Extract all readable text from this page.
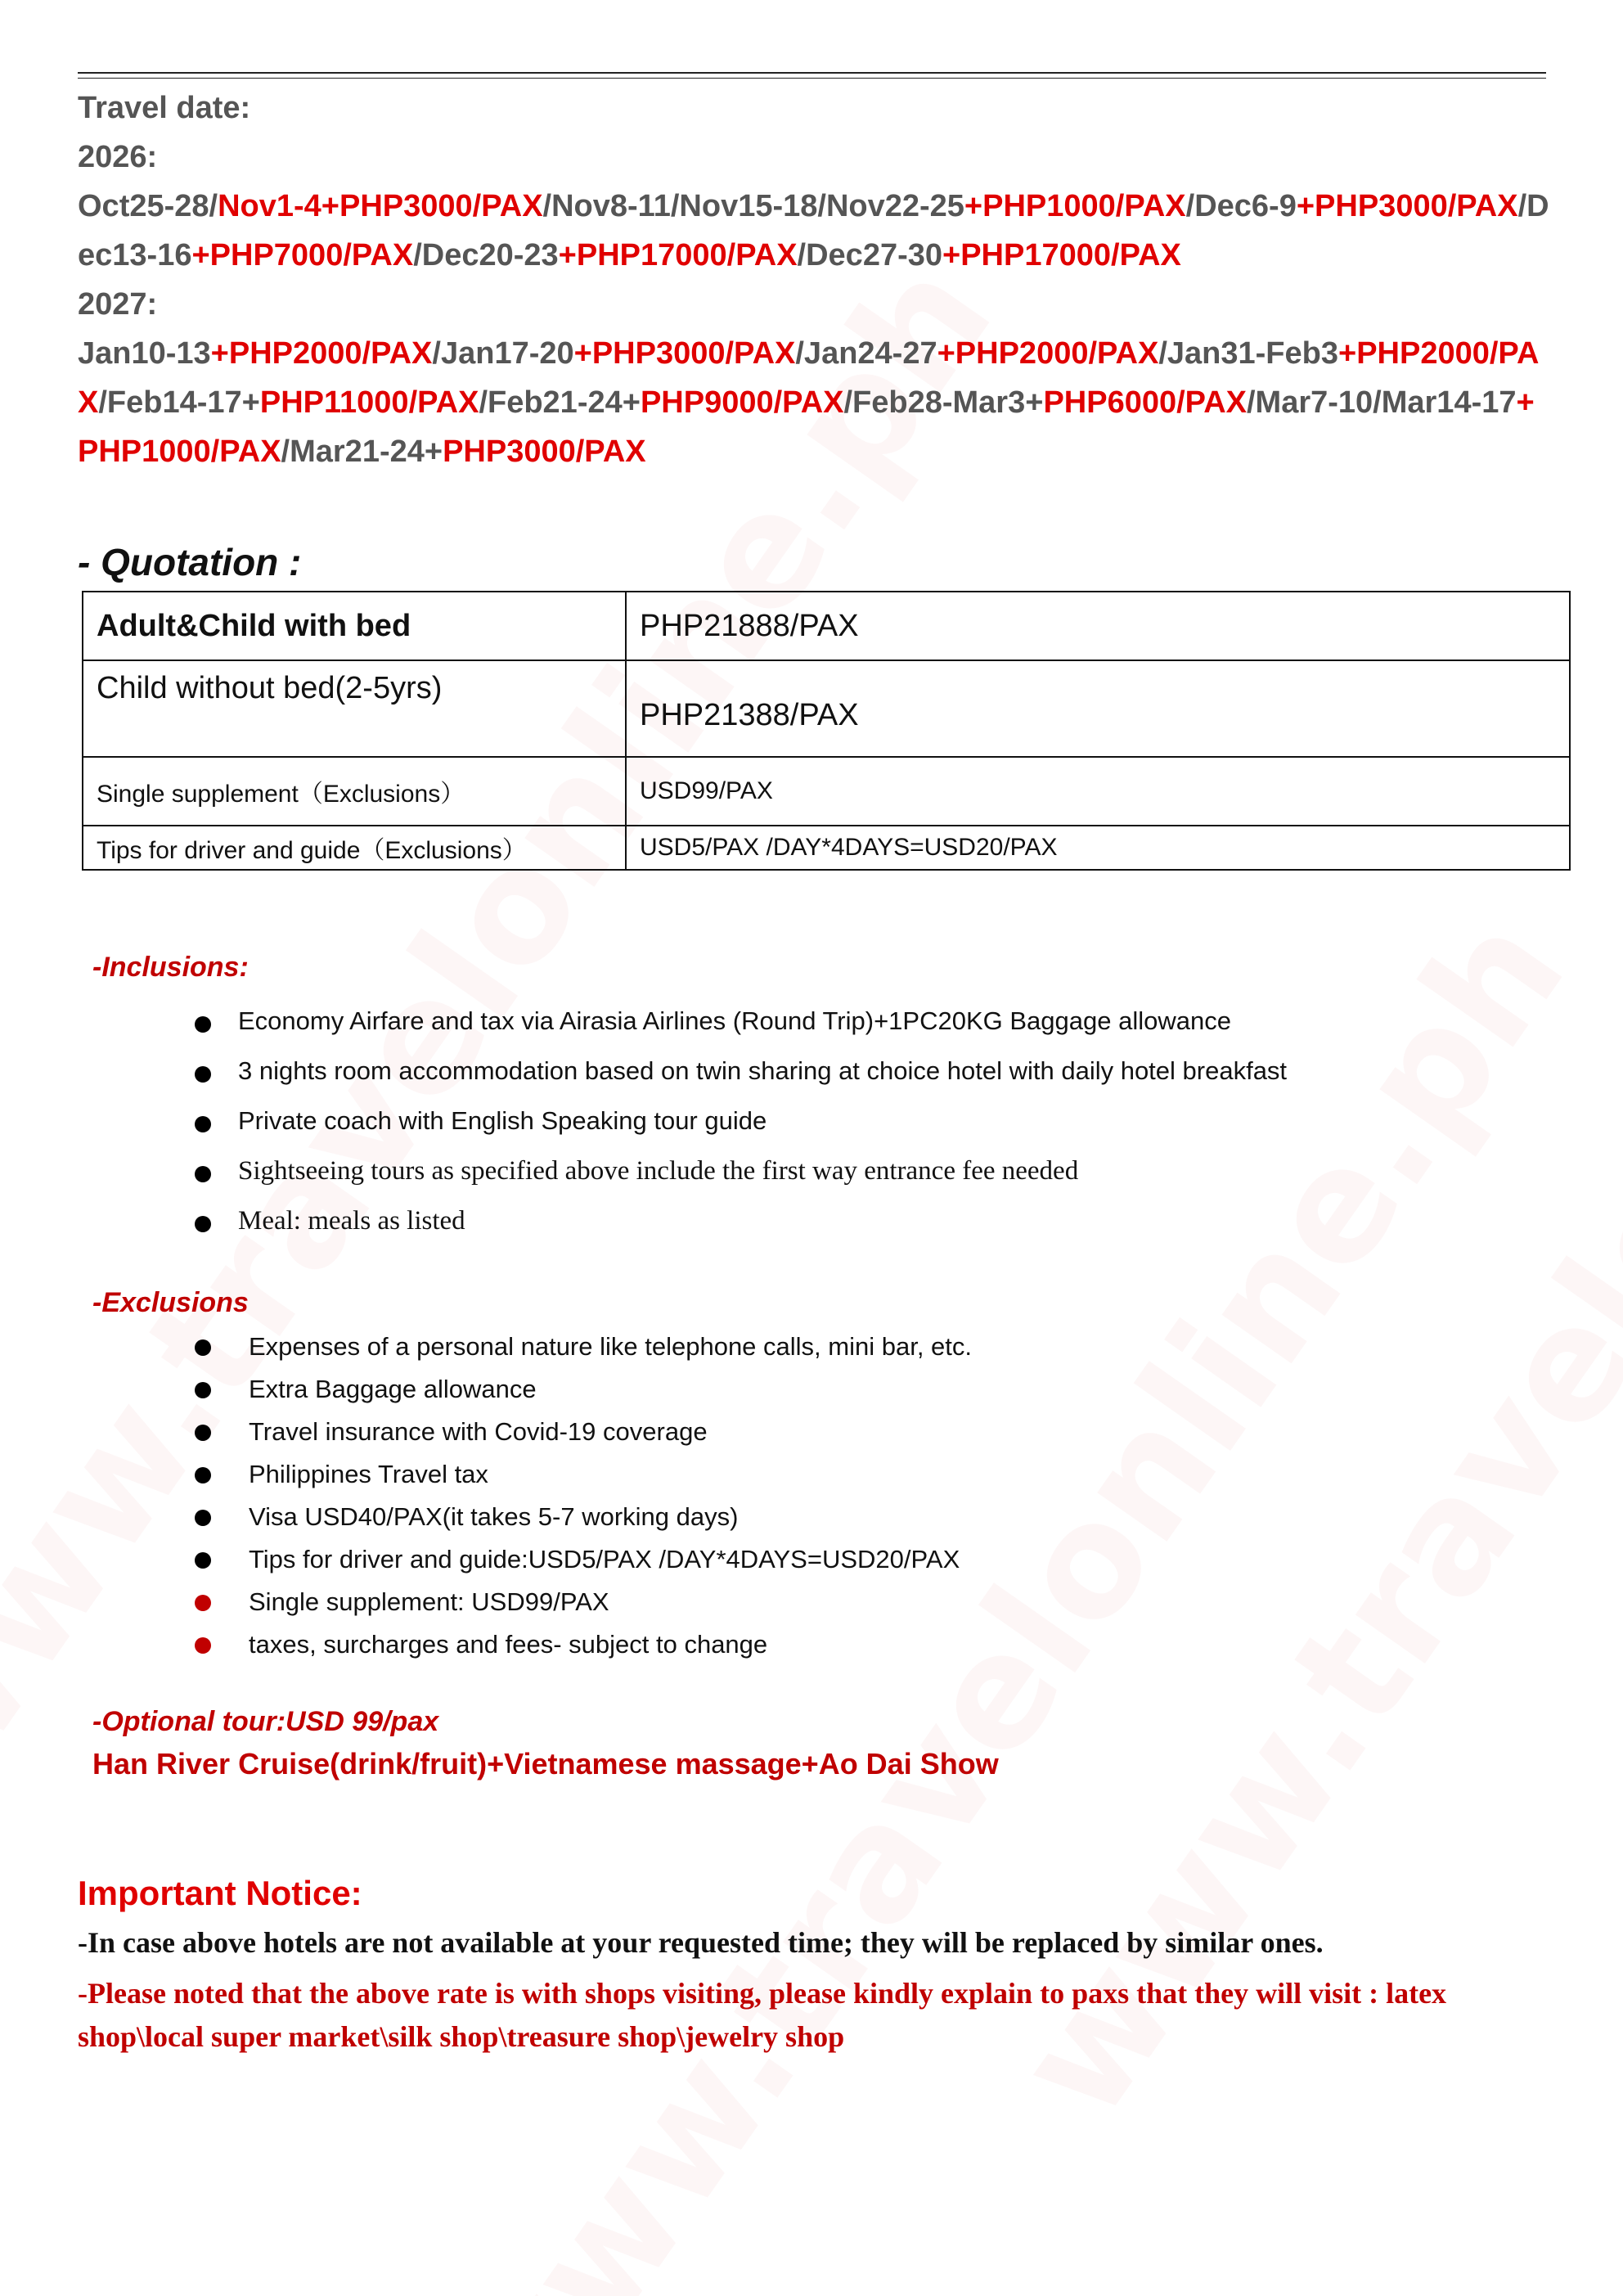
Travel date:
2026:
Oct25-28/Nov1-4+PHP3000/PAX/Nov8-11/Nov15-18/Nov22-25+PHP1000/PAX/Dec6-9+PHP3000/PAX/Dec13-16+PHP7000/PAX/Dec20-23+PHP17000/PAX/Dec27-30+PHP17000/PAX
2027:
Jan10-13+PHP2000/PAX/Jan17-20+PHP3000/PAX/Jan24-27+PHP2000/PAX/Jan31-Feb3+PHP2000/PAX/Feb14-17+PHP11000/PAX/Feb21-24+PHP9000/PAX/Feb28-Mar3+PHP6000/PAX/Mar7-10/Mar14-17+PHP1000/PAX/Mar21-24+PHP3000/PAX
- Quotation :
Adult&Child with bed	PHP21888/PAX
Child without bed(2-5yrs)	PHP21388/PAX
Single supplement（Exclusions）	USD99/PAX
Tips for driver and guide（Exclusions）	USD5/PAX /DAY*4DAYS=USD20/PAX
-Inclusions:
Economy Airfare and tax via Airasia Airlines (Round Trip)+1PC20KG Baggage allowance
3 nights room accommodation based on twin sharing at choice hotel with daily hotel breakfast
Private coach with English Speaking tour guide
Sightseeing tours as specified above include the first way entrance fee needed
Meal: meals as listed
-Exclusions
Expenses of a personal nature like telephone calls, mini bar, etc.
Extra Baggage allowance
Travel insurance with Covid-19 coverage
Philippines Travel tax
Visa USD40/PAX(it takes 5-7 working days)
Tips for driver and guide:USD5/PAX /DAY*4DAYS=USD20/PAX
Single supplement: USD99/PAX
taxes, surcharges and fees- subject to change
-Optional tour:USD 99/pax
Han River Cruise(drink/fruit)+Vietnamese massage+Ao Dai Show
Important Notice:
-In case above hotels are not available at your requested time; they will be replaced by similar ones.
-Please noted that the above rate is with shops visiting, please kindly explain to paxs that they will visit : latex shop\local super market\silk shop\treasure shop\jewelry shop
